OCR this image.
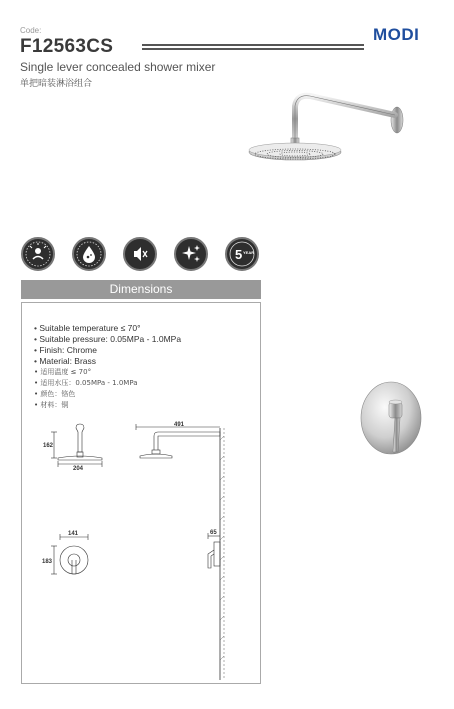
Code:
F12563CS
MODI
Single lever concealed shower mixer
单把暗装淋浴组合
5 YEAR
Dimensions
• Suitable temperature ≤ 70°
• Suitable pressure: 0.05MPa - 1.0MPa
• Finish: Chrome
• Material: Brass
• 适用温度 ≤ 70°
• 适用水压：0.05MPa - 1.0MPa
• 颜色：铬色
• 材料：铜
162
204
491
141
183
65
